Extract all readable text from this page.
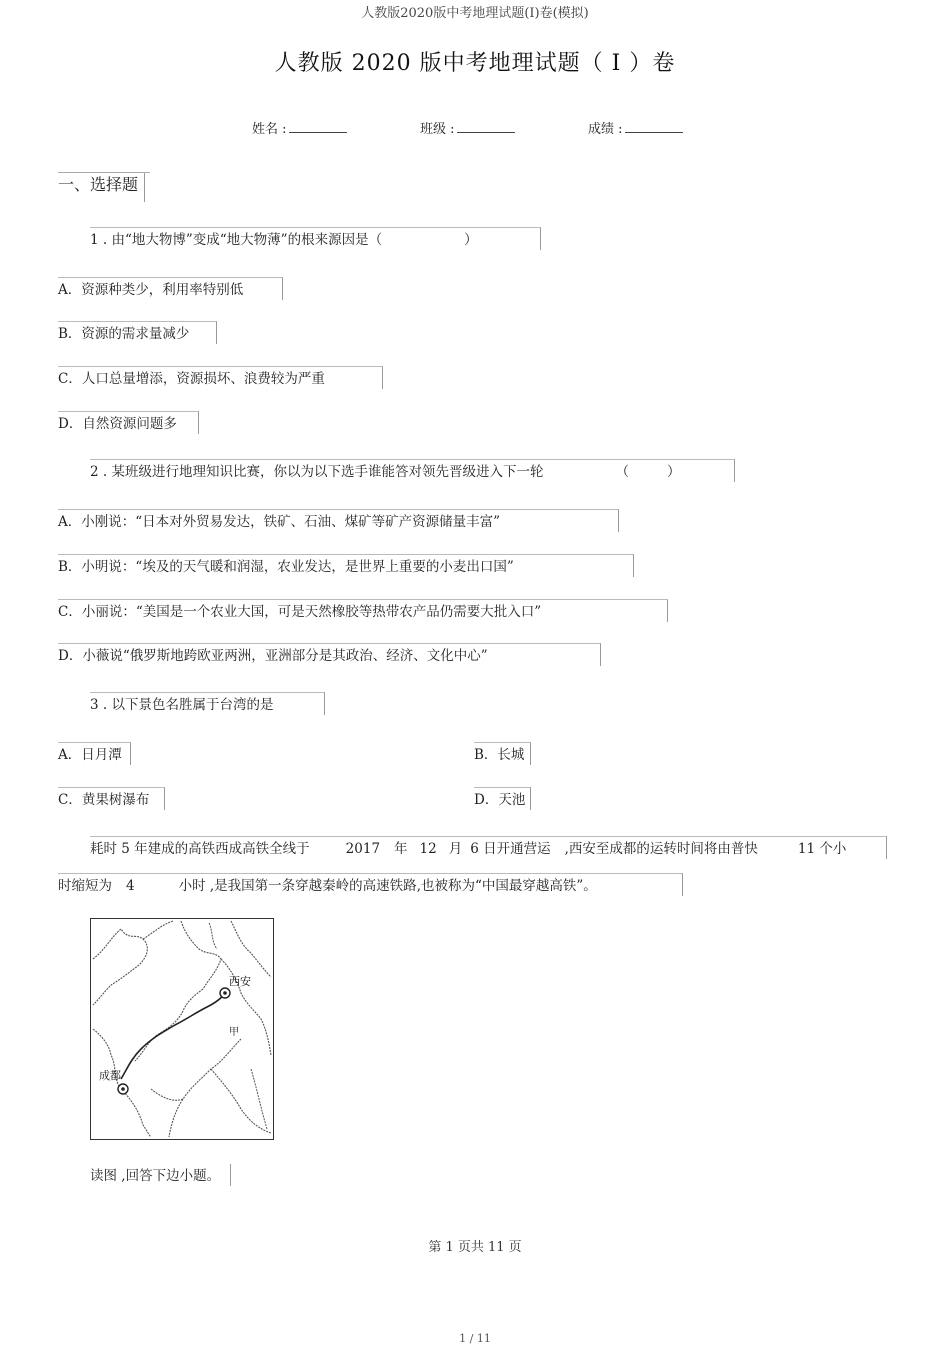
人教版2020版中考地理试题(I)卷(模拟)
人教版 2020 版中考地理试题（ Ⅰ ）卷
姓名 :	班级 :	成绩 :
一、选择题
1 . 由“地大物博”变成“地大物薄”的根来源因是（	）
A．资源种类少，利用率特别低
B．资源的需求量减少
C．人口总量增添，资源损坏、浪费较为严重
D．自然资源问题多
2 . 某班级进行地理知识比赛，你以为以下选手谁能答对领先晋级进入下一轮	（	）
A．小刚说：“日本对外贸易发达，铁矿、石油、煤矿等矿产资源储量丰富”
B．小明说：“埃及的天气暖和润湿，农业发达，是世界上重要的小麦出口国”
C．小丽说：“美国是一个农业大国，可是天然橡胶等热带农产品仍需要大批入口”
D．小薇说“俄罗斯地跨欧亚两洲，亚洲部分是其政治、经济、文化中心”
3 . 以下景色名胜属于台湾的是
A．日月潭	B．长城
C．黄果树瀑布	D．天池
耗时 5 年建成的高铁西成高铁全线于	2017 年 12 月 6 日开通营运 ,西安至成都的运转时间将由普快	11 个小
时缩短为 4	小时 ,是我国第一条穿越秦岭的高速铁路,也被称为“中国最穿越高铁”。
西安
成都
甲
读图 ,回答下边小题。
第 1 页共 11 页
1 / 11
